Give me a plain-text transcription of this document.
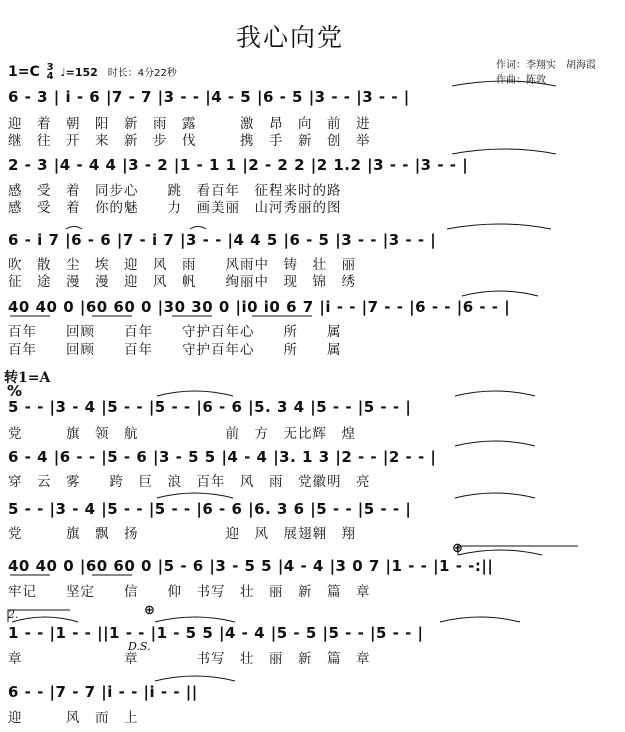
我心向党
作词：李翔实　胡海霞
作曲：陈敦
1=C 3
4 ♩=152 时长：4分22秒
6 - 3 | i - 6 |7 - 7 |3 - - |4 - 5 |6 - 5 |3 - - |3 - - |
迎　着　朝　阳　新　雨　露　　　激　昂　向　前　进
继　往　开　来　新　步　伐　　　携　手　新　创　举
2 - 3 |4 - 4 4 |3 - 2 |1 - 1 1 |2 - 2 2 |2 1.2 |3 - - |3 - - |
感　受　着　同步心　　跳　看百年　征程来时的路
感　受　着　你的魅　　力　画美丽　山河秀丽的图
6 - i 7 |6 - 6 |7 - i 7 |3 - - |4 4 5 |6 - 5 |3 - - |3 - - |
吹　散　尘　埃　迎　风　雨　　风雨中　铸　壮　丽
征　途　漫　漫　迎　风　帆　　绚丽中　现　锦　绣
40 40 0 |60 60 0 |30 30 0 |i0 i0 6 7 |i - - |7 - - |6 - - |6 - - |
百年　　回顾　　百年　　守护百年心　　所　　属
百年　　回顾　　百年　　守护百年心　　所　　属
转1=A
%
5 - - |3 - 4 |5 - - |5 - - |6 - 6 |5. 3 4 |5 - - |5 - - |
党　　　旗　领　航　　　　　　前　方　无比辉　煌
6 - 4 |6 - - |5 - 6 |3 - 5 5 |4 - 4 |3. 1 3 |2 - - |2 - - |
穿　云　雾　　跨　巨　浪　百年　风　雨　党徽明　亮
5 - - |3 - 4 |5 - - |5 - - |6 - 6 |6. 3 6 |5 - - |5 - - |
党　　　旗　飘　扬　　　　　　迎　风　展翅翱　翔
⊕
40 40 0 |60 60 0 |5 - 6 |3 - 5 5 |4 - 4 |3 0 7 |1 - - |1 - -:||
牢记　　坚定　　信　　仰　书写　壮　丽　新　篇　章
2.	⊕
1 - - |1 - - ||1 - - |1 - 5 5 |4 - 4 |5 - 5 |5 - - |5 - - |
D.S.
章　　　　　　　章　　　　书写　壮　丽　新　篇　章
6 - - |7 - 7 |i - - |i - - ||
迎　　　风　而　上
